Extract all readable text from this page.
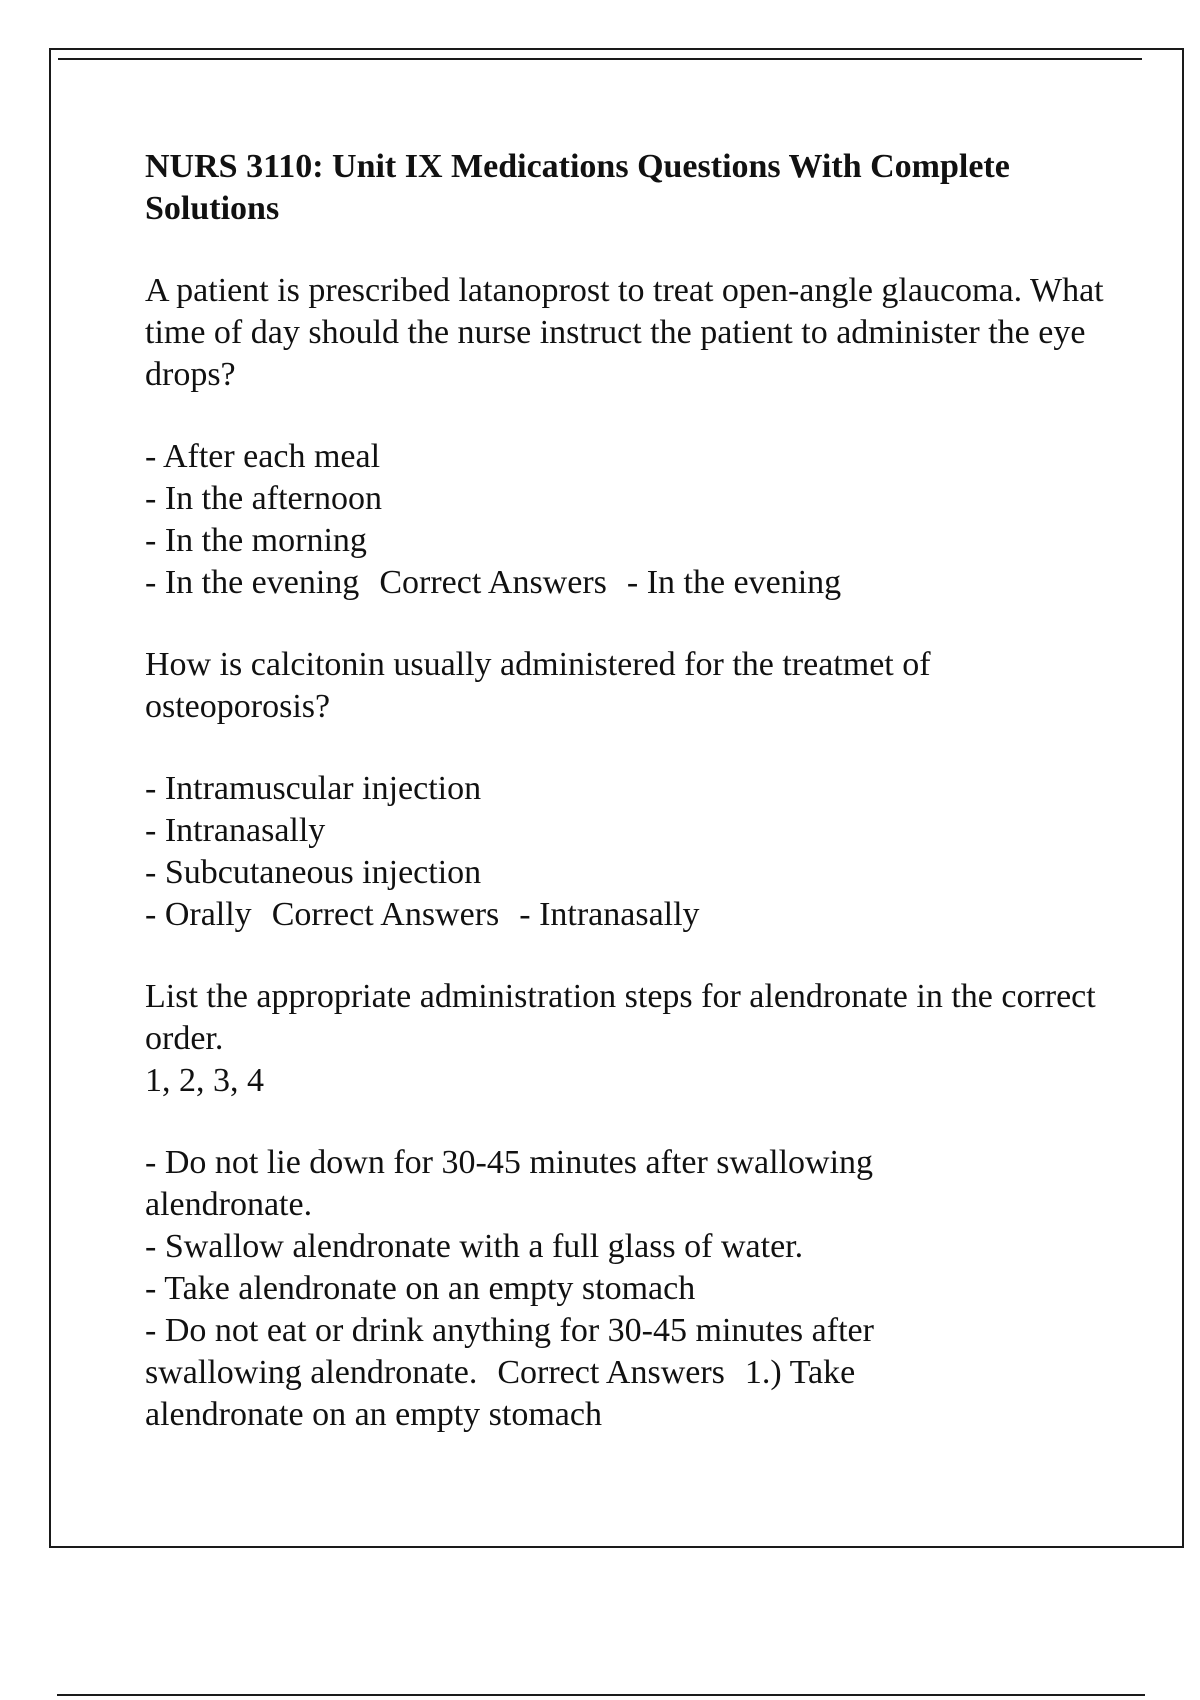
NURS 3110: Unit IX Medications Questions With Complete Solutions
A patient is prescribed latanoprost to treat open-angle glaucoma. What time of day should the nurse instruct the patient to administer the eye drops?
- After each meal
- In the afternoon
- In the morning
- In the evening Correct Answers - In the evening
How is calcitonin usually administered for the treatmet of osteoporosis?
- Intramuscular injection
- Intranasally
- Subcutaneous injection
- Orally Correct Answers - Intranasally
List the appropriate administration steps for alendronate in the correct order.
1, 2, 3, 4
- Do not lie down for 30-45 minutes after swallowing alendronate.
- Swallow alendronate with a full glass of water.
- Take alendronate on an empty stomach
- Do not eat or drink anything for 30-45 minutes after swallowing alendronate. Correct Answers 1.) Take alendronate on an empty stomach
